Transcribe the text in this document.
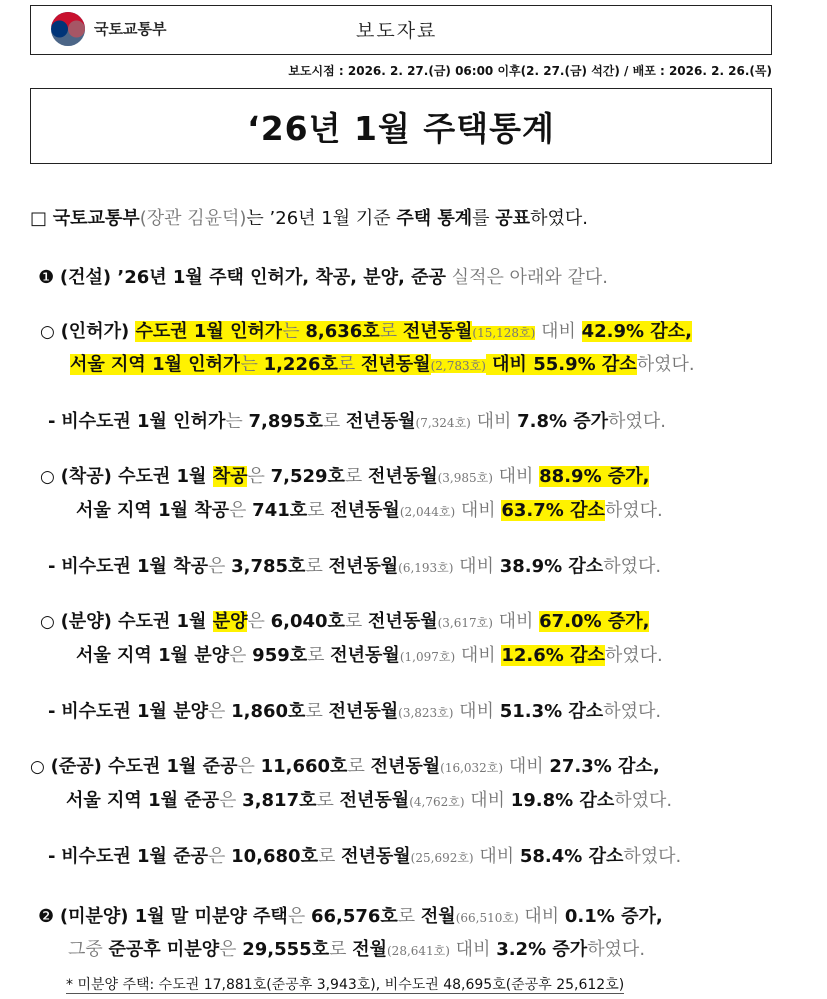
국토교통부	보도자료
보도시점 : 2026. 2. 27.(금) 06:00 이후(2. 27.(금) 석간) / 배포 : 2026. 2. 26.(목)
‘26년 1월 주택통계
□ 국토교통부(장관 김윤덕)는 ’26년 1월 기준 주택 통계를 공표하였다.
❶ (건설) ’26년 1월 주택 인허가, 착공, 분양, 준공 실적은 아래와 같다.
○ (인허가) 수도권 1월 인허가는 8,636호로 전년동월(15,128호) 대비 42.9% 감소,
서울 지역 1월 인허가는 1,226호로 전년동월(2,783호) 대비 55.9% 감소하였다.
- 비수도권 1월 인허가는 7,895호로 전년동월(7,324호) 대비 7.8% 증가하였다.
○ (착공) 수도권 1월 착공은 7,529호로 전년동월(3,985호) 대비 88.9% 증가,
서울 지역 1월 착공은 741호로 전년동월(2,044호) 대비 63.7% 감소하였다.
- 비수도권 1월 착공은 3,785호로 전년동월(6,193호) 대비 38.9% 감소하였다.
○ (분양) 수도권 1월 분양은 6,040호로 전년동월(3,617호) 대비 67.0% 증가,
서울 지역 1월 분양은 959호로 전년동월(1,097호) 대비 12.6% 감소하였다.
- 비수도권 1월 분양은 1,860호로 전년동월(3,823호) 대비 51.3% 감소하였다.
○ (준공) 수도권 1월 준공은 11,660호로 전년동월(16,032호) 대비 27.3% 감소,
서울 지역 1월 준공은 3,817호로 전년동월(4,762호) 대비 19.8% 감소하였다.
- 비수도권 1월 준공은 10,680호로 전년동월(25,692호) 대비 58.4% 감소하였다.
❷ (미분양) 1월 말 미분양 주택은 66,576호로 전월(66,510호) 대비 0.1% 증가,
그중 준공후 미분양은 29,555호로 전월(28,641호) 대비 3.2% 증가하였다.
* 미분양 주택: 수도권 17,881호(준공후 3,943호), 비수도권 48,695호(준공후 25,612호)
